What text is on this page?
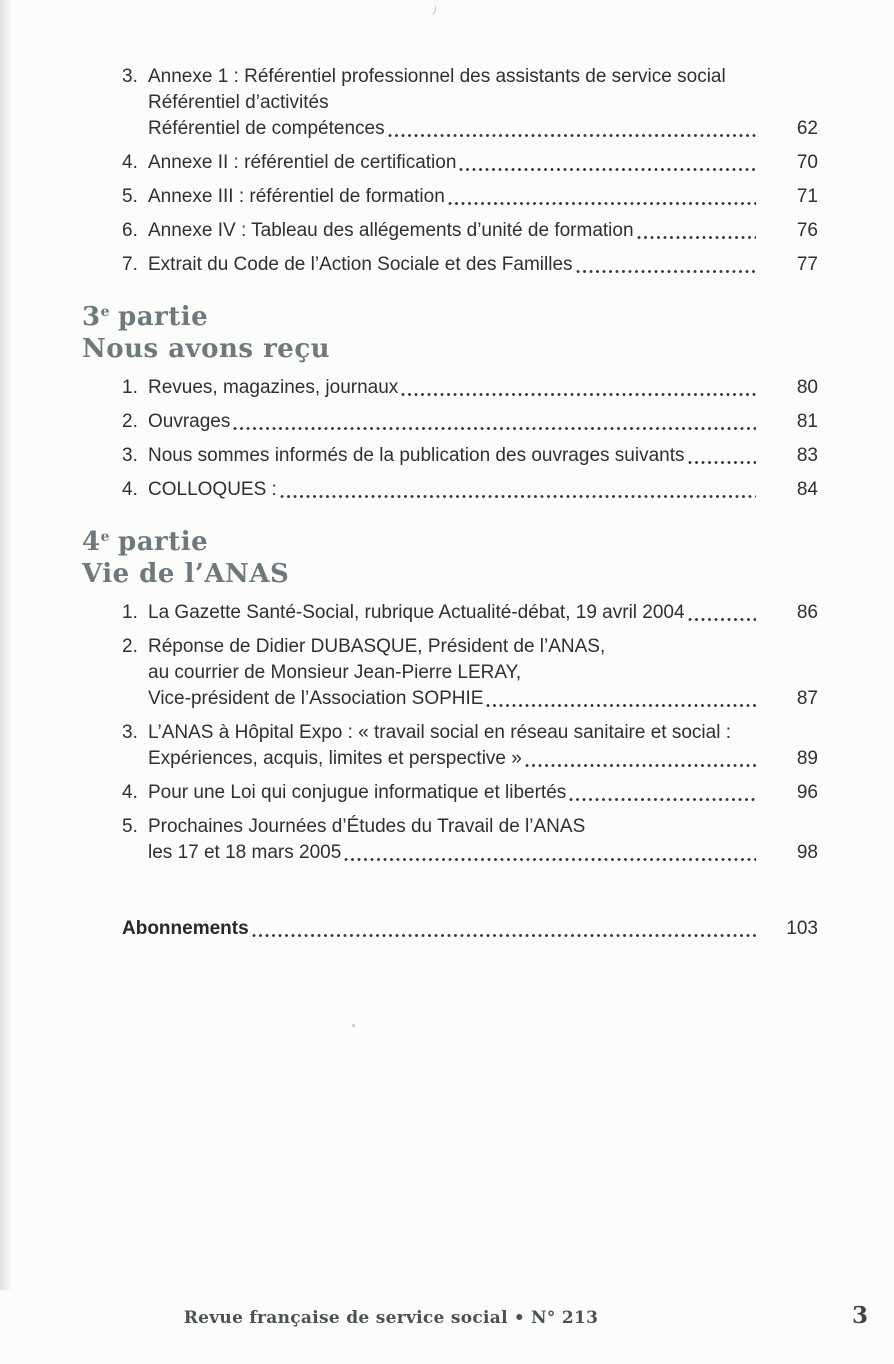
3. Annexe 1 : Référentiel professionnel des assistants de service social
Référentiel d’activités
Référentiel de compétences	62
4. Annexe II : référentiel de certification	70
5. Annexe III : référentiel de formation	71
6. Annexe IV : Tableau des allégements d’unité de formation	76
7. Extrait du Code de l’Action Sociale et des Familles	77
3e partie
Nous avons reçu
1. Revues, magazines, journaux	80
2. Ouvrages	81
3. Nous sommes informés de la publication des ouvrages suivants	83
4. COLLOQUES :	84
4e partie
Vie de l’ANAS
1. La Gazette Santé-Social, rubrique Actualité-débat, 19 avril 2004	86
2. Réponse de Didier DUBASQUE, Président de l’ANAS,
au courrier de Monsieur Jean-Pierre LERAY,
Vice-président de l’Association SOPHIE	87
3. L’ANAS à Hôpital Expo : « travail social en réseau sanitaire et social :
Expériences, acquis, limites et perspective »	89
4. Pour une Loi qui conjugue informatique et libertés	96
5. Prochaines Journées d’Études du Travail de l’ANAS
les 17 et 18 mars 2005	98
Abonnements	103
Revue française de service social • N° 213	3
